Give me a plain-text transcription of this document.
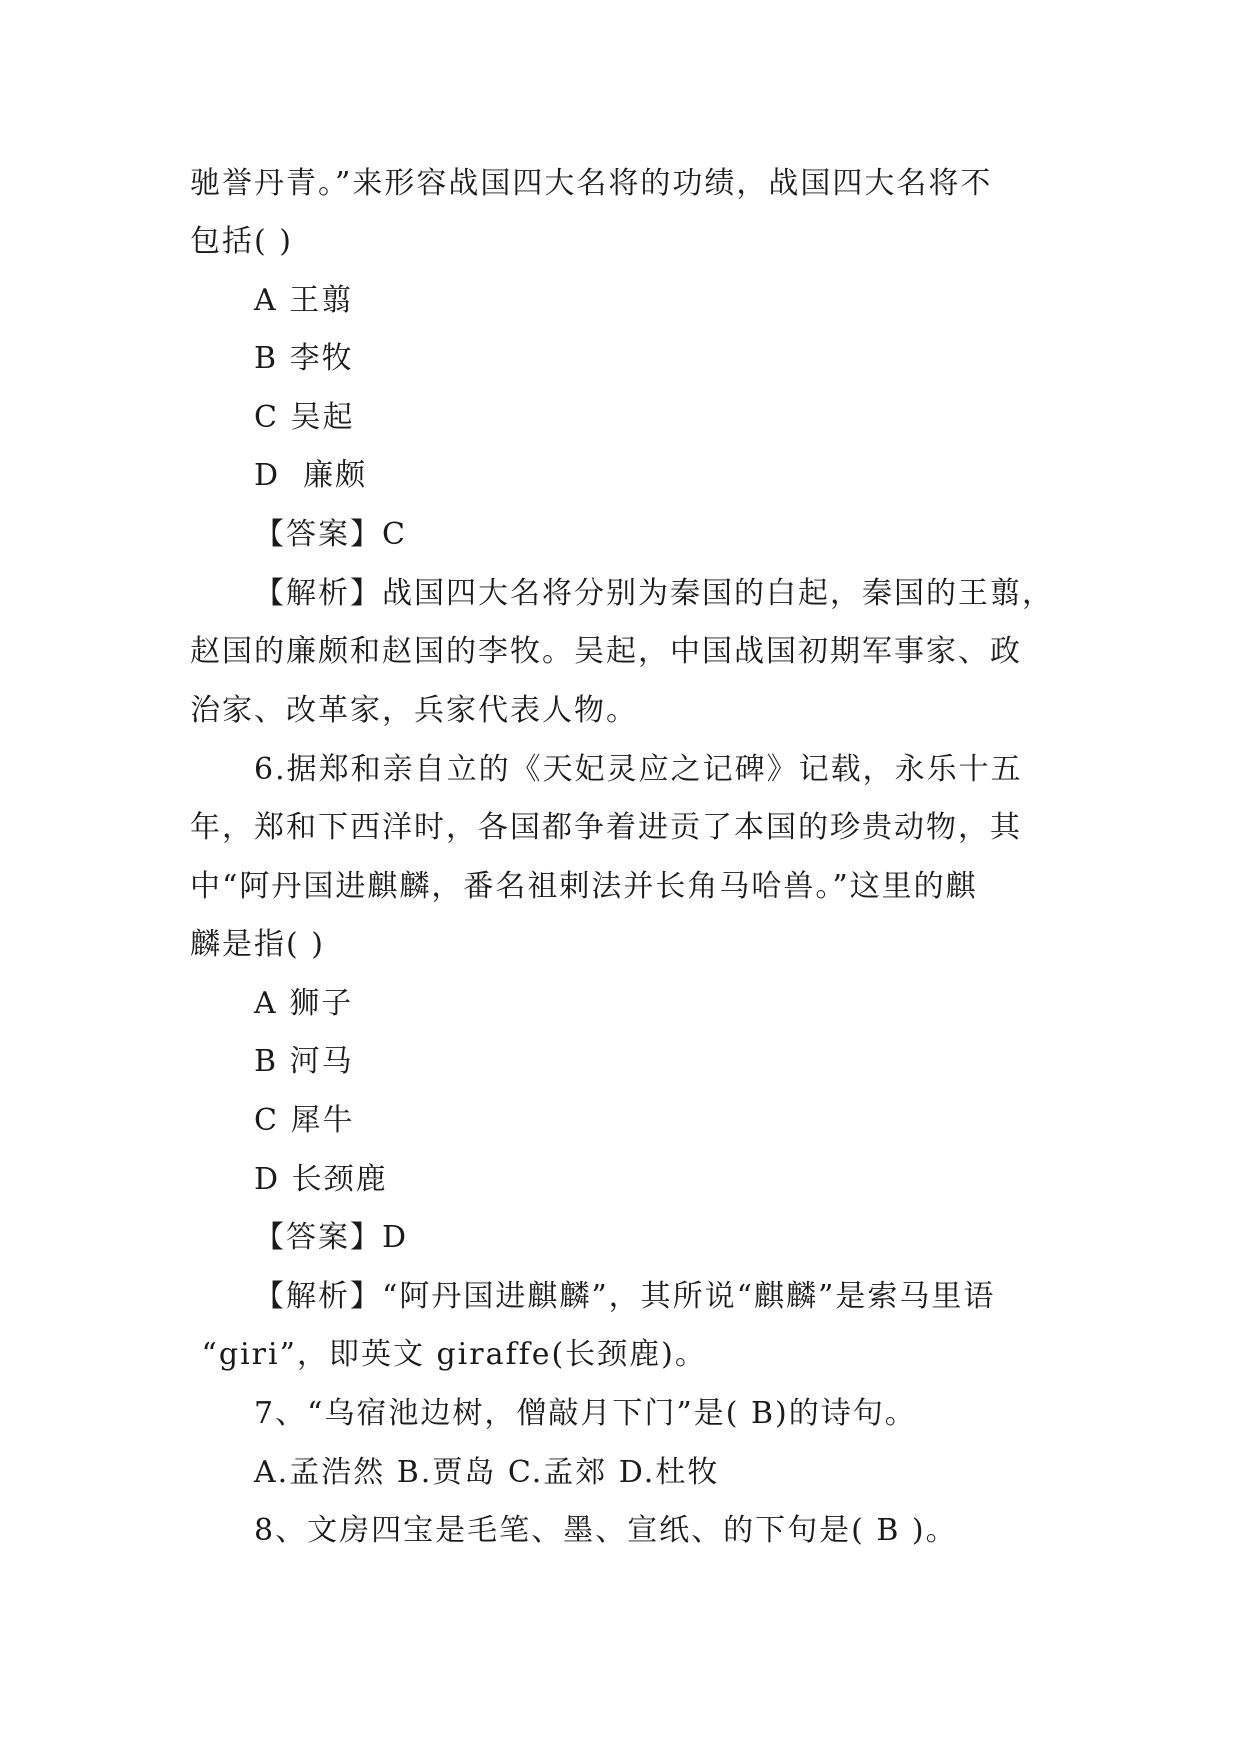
驰誉丹青。”来形容战国四大名将的功绩，战国四大名将不
包括( )
A 王翦
B 李牧
C 吴起
D  廉颇
【答案】C
【解析】战国四大名将分别为秦国的白起，秦国的王翦，
赵国的廉颇和赵国的李牧。吴起，中国战国初期军事家、政
治家、改革家，兵家代表人物。
6.据郑和亲自立的《天妃灵应之记碑》记载，永乐十五
年，郑和下西洋时，各国都争着进贡了本国的珍贵动物，其
中“阿丹国进麒麟，番名祖剌法并长角马哈兽。”这里的麒
麟是指( )
A 狮子
B 河马
C 犀牛
D 长颈鹿
【答案】D
【解析】“阿丹国进麒麟”，其所说“麒麟”是索马里语
“giri”，即英文 giraffe(长颈鹿)。
7、“乌宿池边树，僧敲月下门”是( B)的诗句。
A.孟浩然 B.贾岛 C.孟郊 D.杜牧
8、文房四宝是毛笔、墨、宣纸、的下句是( B )。
